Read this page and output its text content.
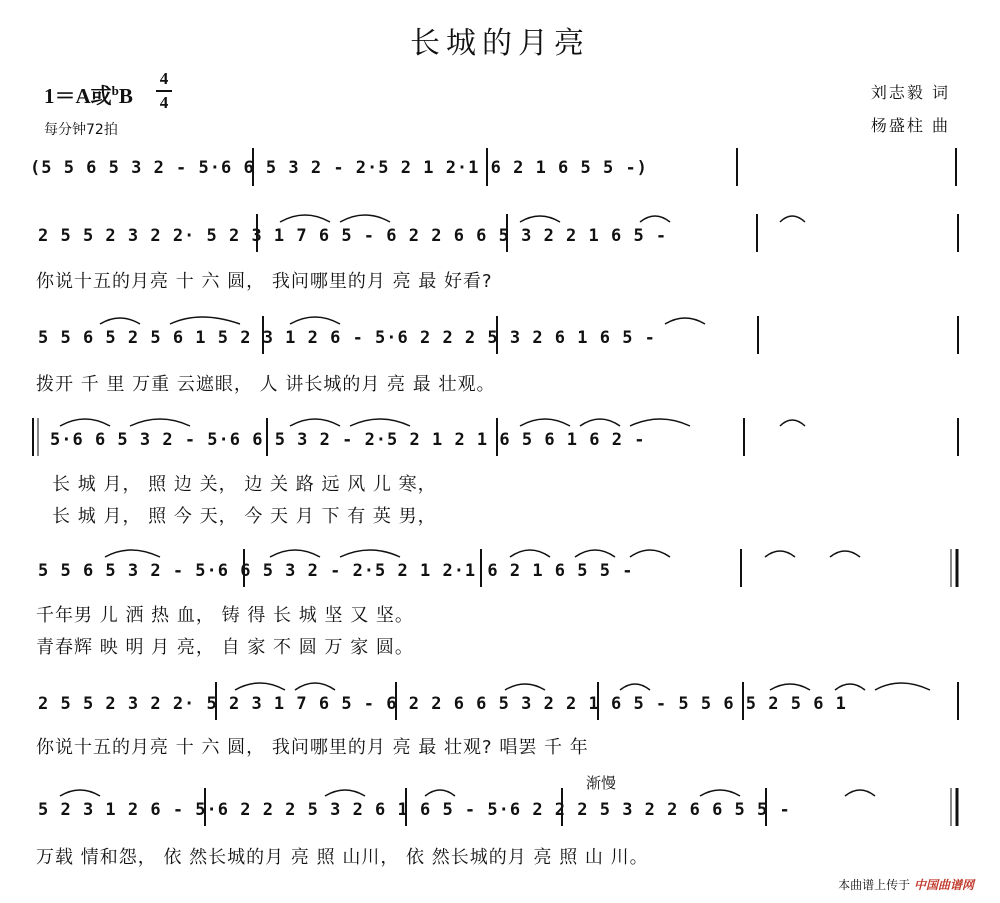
长城的月亮
1＝A或$^bB \frac{4}{4}$
每分钟72拍
刘志毅 词
杨盛柱 曲
(5 5 6 5 3 2 - 5·6 6 5 3 2 - 2·5 2 1 2·1 6 2 1 6 5 5 -)
2 5 5 2 3 2 2· 5 2 3 1 7 6 5 - 6 2 2 6 6 5 3 2 2 1 6 5 -
你说十五的月亮 十 六 圆， 我问哪里的月 亮 最 好看?
5 5 6 5 2 5 6 1 5 2 3 1 2 6 - 5·6 2 2 2 5 3 2 6 1 6 5 -
拨开 千 里 万重 云遮眼， 人 讲长城的月 亮 最 壮观。
5·6 6 5 3 2 - 5·6 6 5 3 2 - 2·5 2 1 2 1 6 5 6 1 6 2 -
长 城 月， 照 边 关， 边 关 路 远 风 儿 寒，
长 城 月， 照 今 天， 今 天 月 下 有 英 男，
5 5 6 5 3 2 - 5·6 6 5 3 2 - 2·5 2 1 2·1 6 2 1 6 5 5 -
千年男 儿 洒 热 血， 铸 得 长 城 坚 又 坚。
青春辉 映 明 月 亮， 自 家 不 圆 万 家 圆。
2 5 5 2 3 2 2· 5 2 3 1 7 6 5 - 6 2 2 6 6 5 3 2 2 1 6 5 - 5 5 6 5 2 5 6 1
你说十五的月亮 十 六 圆， 我问哪里的月 亮 最 壮观? 唱罢 千 年
渐慢
5 2 3 1 2 6 - 5·6 2 2 2 5 3 2 6 1 6 5 - 5·6 2 2 2 5 3 2 2 6 6 5 5 -
万载 情和怨， 依 然长城的月 亮 照 山川， 依 然长城的月 亮 照 山 川。
本曲谱上传于 中国曲谱网
